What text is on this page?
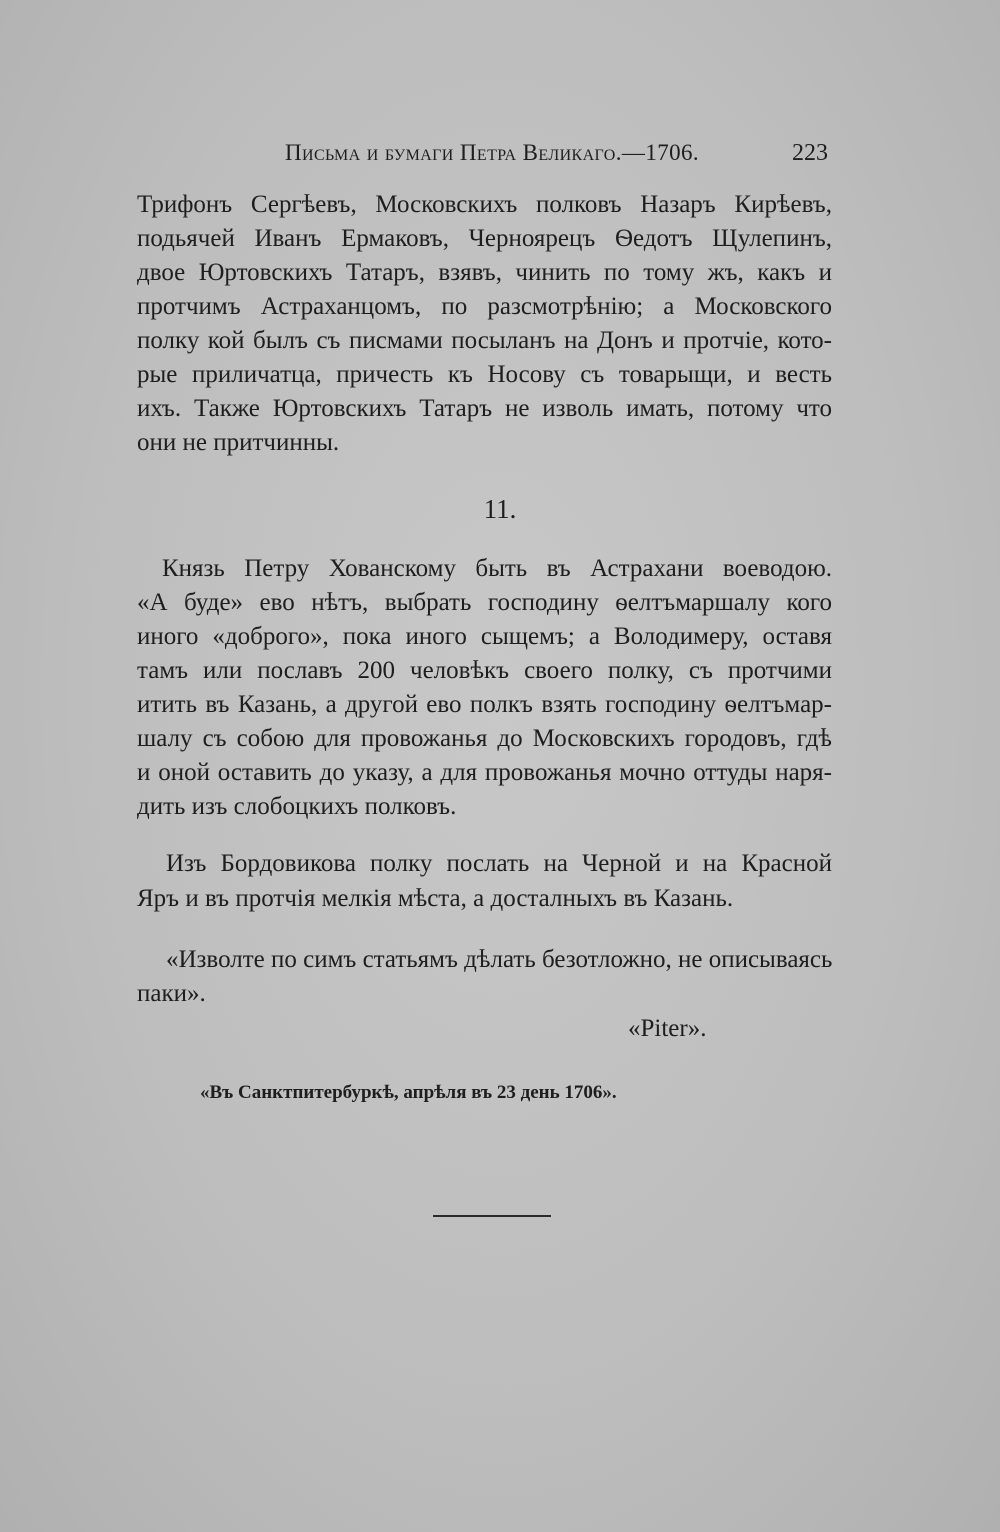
Письма и бумаги Петра Великаго.—1706.	223
Трифонъ Сергѣевъ, Московскихъ полковъ Назаръ Кирѣевъ,
подьячей Иванъ Ермаковъ, Черноярецъ Ѳедотъ Щулепинъ,
двое Юртовскихъ Татаръ, взявъ, чинить по тому жъ, какъ и
протчимъ Астраханцомъ, по разсмотрѣнію; а Московского
полку кой былъ съ писмами посыланъ на Донъ и протчіе, кото-
рые приличатца, причесть къ Носову съ товарыщи, и весть
ихъ. Также Юртовскихъ Татаръ не изволь имать, потому что
они не притчинны.
11.
Князь Петру Хованскому быть въ Астрахани воеводою.
«А буде» ево нѣтъ, выбрать господину ѳелтъмаршалу кого
иного «доброго», пока иного сыщемъ; а Володимеру, оставя
тамъ или пославъ 200 человѣкъ своего полку, съ протчими
итить въ Казань, а другой ево полкъ взять господину ѳелтъмар-
шалу съ собою для провожанья до Московскихъ городовъ, гдѣ
и оной оставить до указу, а для провожанья мочно оттуды наря-
дить изъ слобоцкихъ полковъ.
Изъ Бордовикова полку послать на Черной и на Красной
Яръ и въ протчія мелкія мѣста, а досталныхъ въ Казань.
«Изволте по симъ статьямъ дѣлать безотложно, не описываясь
паки».
«Piter».
«Въ Санктпитербуркѣ, апрѣля въ 23 день 1706».
